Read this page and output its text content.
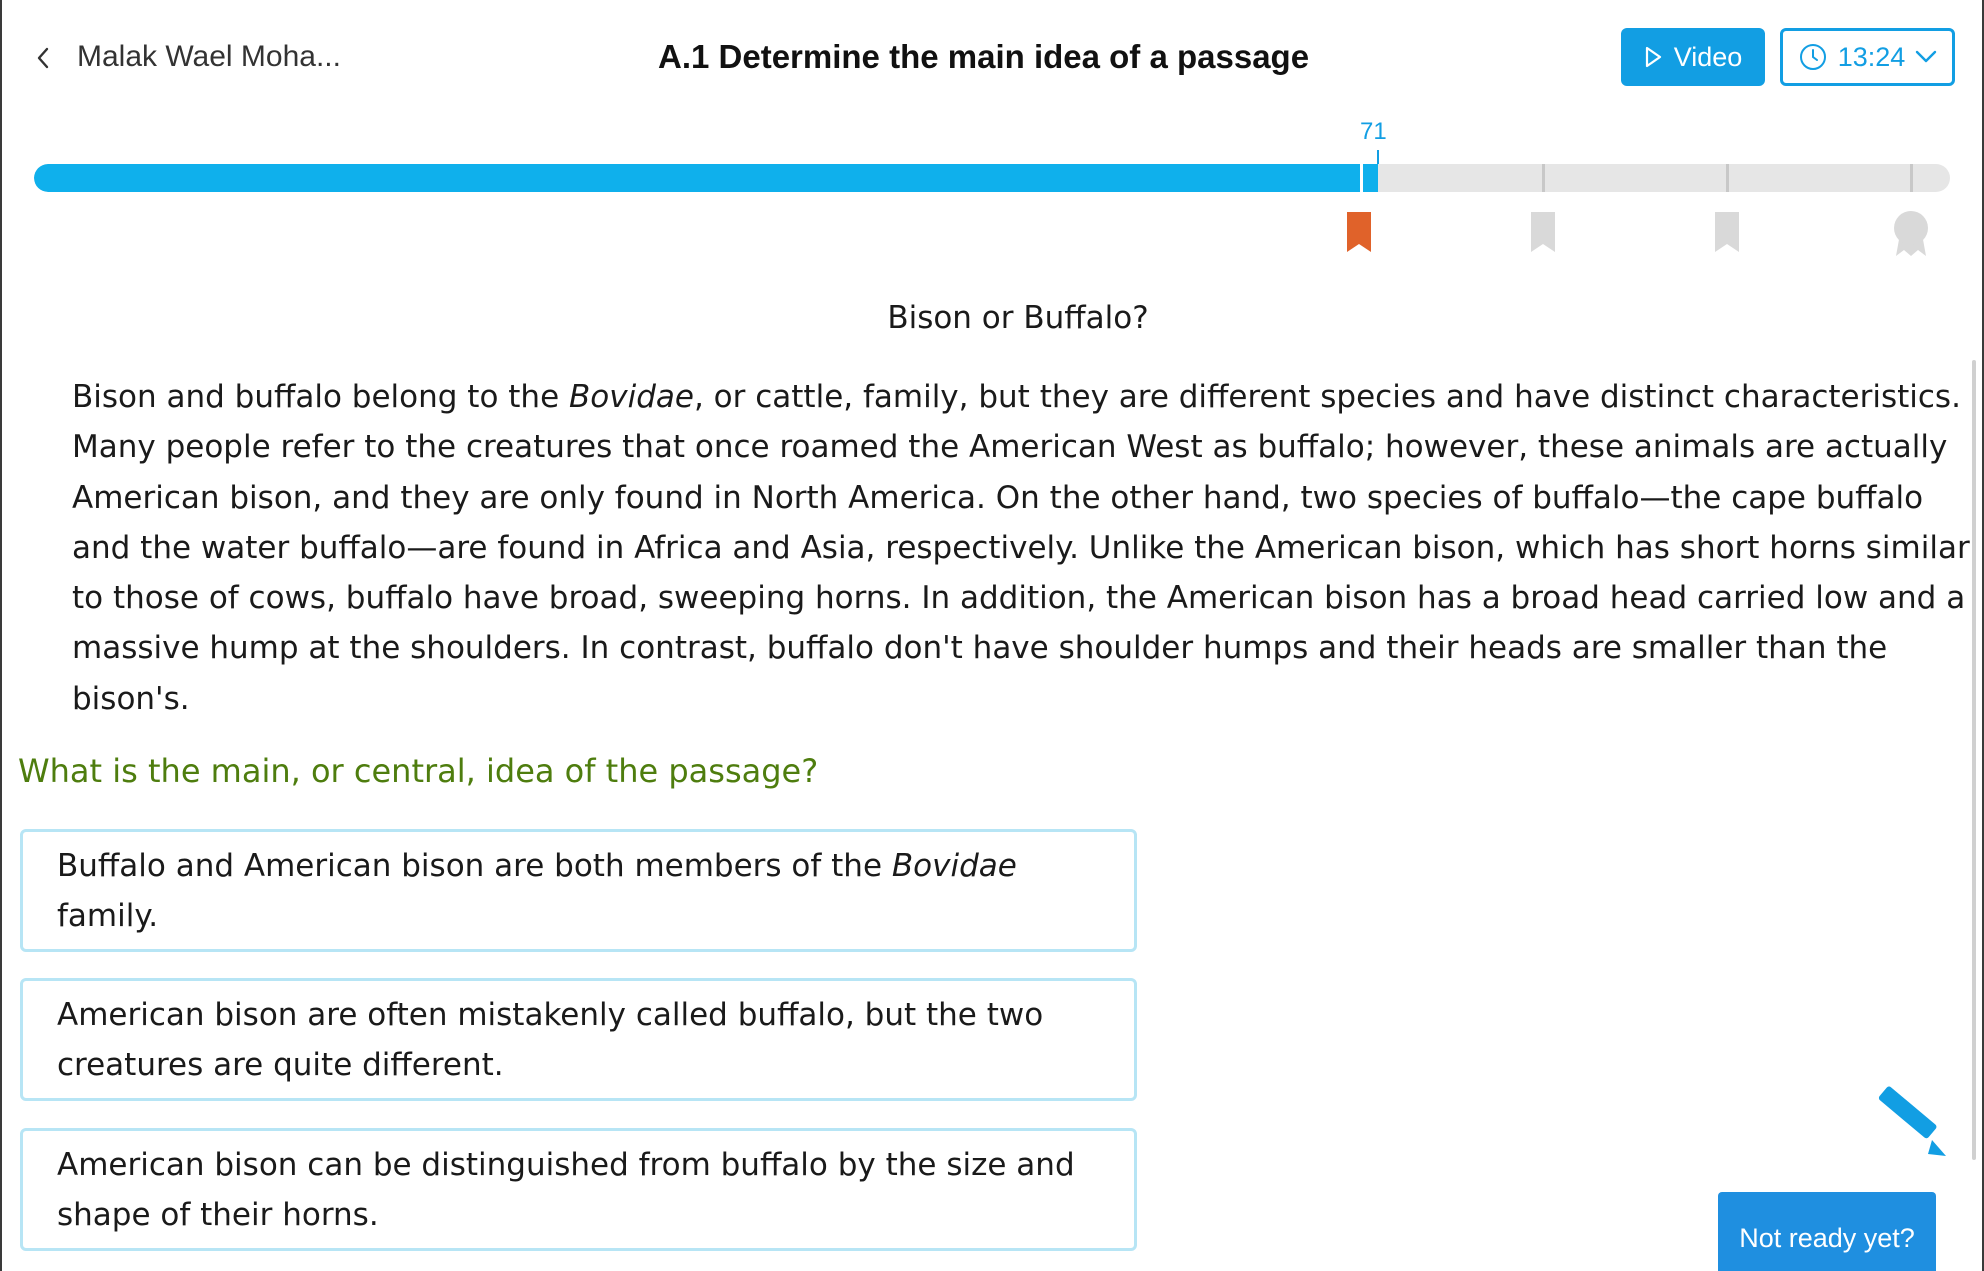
Malak Wael Moha...	A.1 Determine the main idea of a passage	Video	13:24
71
Bison or Buffalo?
Bison and buffalo belong to the Bovidae, or cattle, family, but they are different species and have distinct characteristics. Many people refer to the creatures that once roamed the American West as buffalo; however, these animals are actually American bison, and they are only found in North America. On the other hand, two species of buffalo—the cape buffalo and the water buffalo—are found in Africa and Asia, respectively. Unlike the American bison, which has short horns similar to those of cows, buffalo have broad, sweeping horns. In addition, the American bison has a broad head carried low and a massive hump at the shoulders. In contrast, buffalo don't have shoulder humps and their heads are smaller than the bison's.
What is the main, or central, idea of the passage?
Buffalo and American bison are both members of the Bovidae family.
American bison are often mistakenly called buffalo, but the two creatures are quite different.
American bison can be distinguished from buffalo by the size and shape of their horns.
Not ready yet?
